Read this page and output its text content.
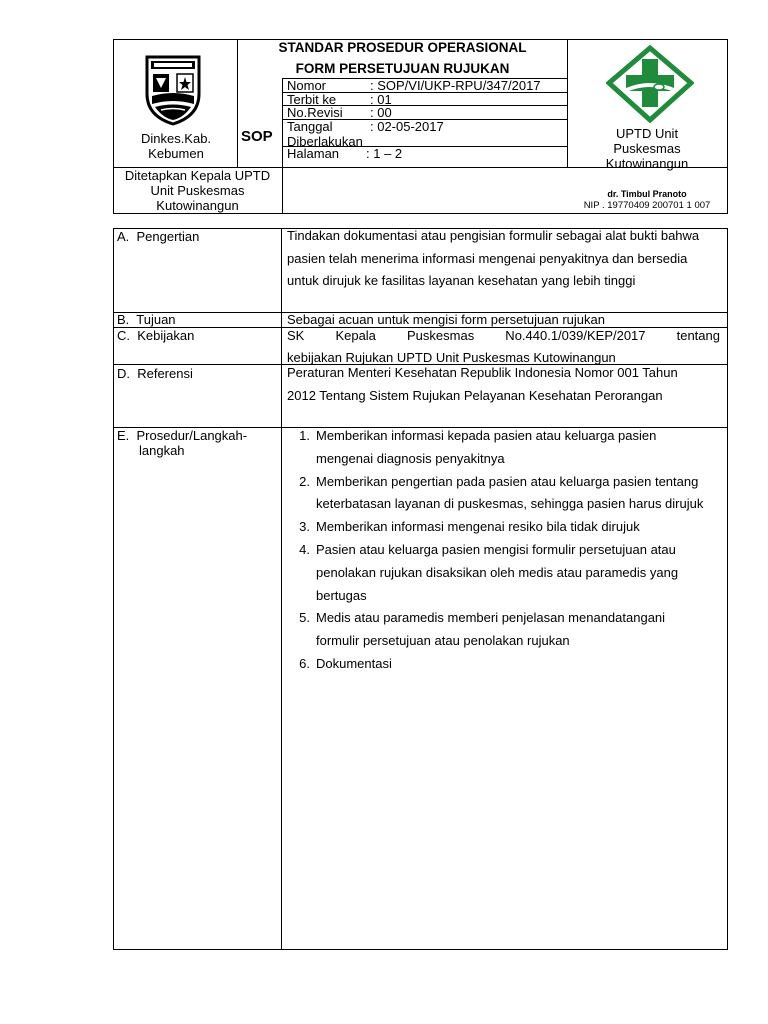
Dinkes.Kab. Kebumen
SOP
STANDAR PROSEDUR OPERASIONAL
FORM PERSETUJUAN RUJUKAN
Nomor	: SOP/VI/UKP-RPU/347/2017
Terbit ke	: 01
No.Revisi : 00
Tanggal Diberlakukan
: 02-05-2017
Halaman : 1 – 2
UPTD Unit Puskesmas Kutowinangun
Ditetapkan Kepala UPTD Unit Puskesmas Kutowinangun
dr. Timbul Pranoto
NIP . 19770409 200701 1 007
A.  Pengertian	Tindakan dokumentasi atau pengisian formulir sebagai alat bukti bahwa pasien telah menerima informasi mengenai penyakitnya dan bersedia untuk dirujuk ke fasilitas layanan kesehatan yang lebih tinggi
B.  Tujuan	Sebagai acuan untuk mengisi form persetujuan rujukan
C.  Kebijakan	SK Kepala Puskesmas No.440.1/039/KEP/2017 tentang
kebijakan Rujukan UPTD Unit Puskesmas Kutowinangun
D.  Referensi	Peraturan Menteri Kesehatan Republik Indonesia Nomor 001 Tahun 2012 Tentang Sistem Rujukan Pelayanan Kesehatan Perorangan
E.  Prosedur/Langkah-
langkah
1. Memberikan informasi kepada pasien atau keluarga pasien mengenai diagnosis penyakitnya
2. Memberikan pengertian pada pasien atau keluarga pasien tentang keterbatasan layanan di puskesmas, sehingga pasien harus dirujuk
3. Memberikan informasi mengenai resiko bila tidak dirujuk
4. Pasien atau keluarga pasien mengisi formulir persetujuan atau penolakan rujukan disaksikan oleh medis atau paramedis yang bertugas
5. Medis atau paramedis memberi penjelasan menandatangani formulir persetujuan atau penolakan rujukan
6. Dokumentasi
